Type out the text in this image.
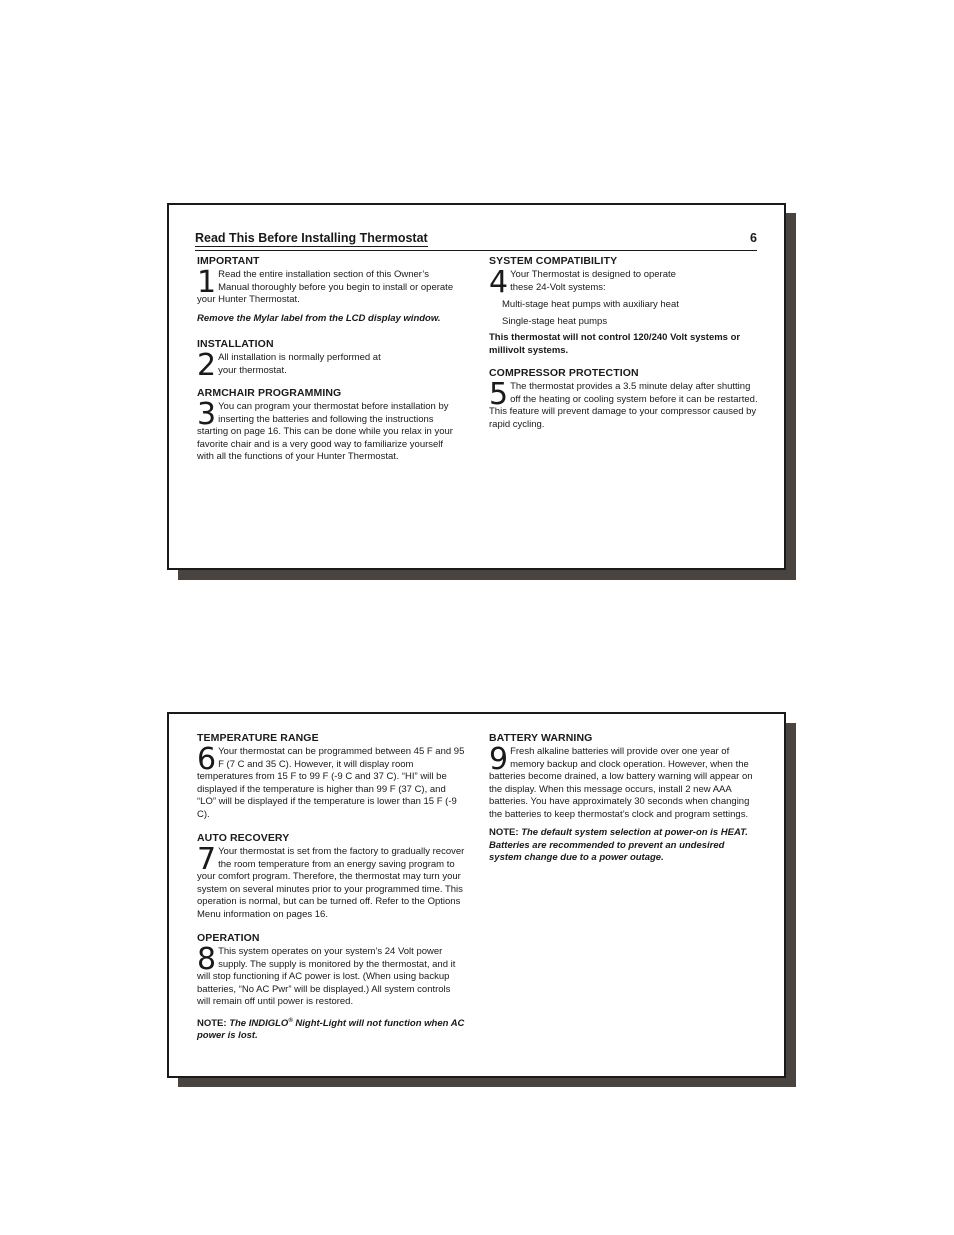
Read This Before Installing Thermostat	6
IMPORTANT

1 Read the entire installation section of this Owner’s Manual thoroughly before you begin to install or operate your Hunter Thermostat.

Remove the Mylar label from the LCD display window.

INSTALLATION

2 All installation is normally performed at your thermostat.

ARMCHAIR PROGRAMMING

3 You can program your thermostat before installation by inserting the batteries and following the instructions starting on page 16. This can be done while you relax in your favorite chair and is a very good way to familiarize yourself with all the functions of your Hunter Thermostat.

SYSTEM COMPATIBILITY

4 Your Thermostat is designed to operate these 24-Volt systems:

Multi-stage heat pumps with auxiliary heat

Single-stage heat pumps

This thermostat will not control 120/240 Volt systems or millivolt systems.

COMPRESSOR PROTECTION

5 The thermostat provides a 3.5 minute delay after shutting off the heating or cooling system before it can be restarted. This feature will prevent damage to your compressor caused by rapid cycling.

TEMPERATURE RANGE

6 Your thermostat can be programmed between 45 F and 95 F (7 C and 35 C). However, it will display room temperatures from 15 F to 99 F (-9 C and 37 C). “HI” will be displayed if the temperature is higher than 99 F (37 C), and “LO” will be displayed if the temperature is lower than 15 F (-9 C).

AUTO RECOVERY

7 Your thermostat is set from the factory to gradually recover the room temperature from an energy saving program to your comfort program. Therefore, the thermostat may turn your system on several minutes prior to your programmed time. This operation is normal, but can be turned off. Refer to the Options Menu information on pages 16.

OPERATION

8 This system operates on your system’s 24 Volt power supply. The supply is monitored by the thermostat, and it will stop functioning if AC power is lost. (When using backup batteries, “No AC Pwr” will be displayed.) All system controls will remain off until power is restored.

NOTE: The INDIGLO® Night-Light will not function when AC power is lost.

BATTERY WARNING

9 Fresh alkaline batteries will provide over one year of memory backup and clock operation. However, when the batteries become drained, a low battery warning will appear on the display. When this message occurs, install 2 new AAA batteries. You have approximately 30 seconds when changing the batteries to keep thermostat’s clock and program settings.

NOTE: The default system selection at power-on is HEAT. Batteries are recommended to prevent an undesired system change due to a power outage.
